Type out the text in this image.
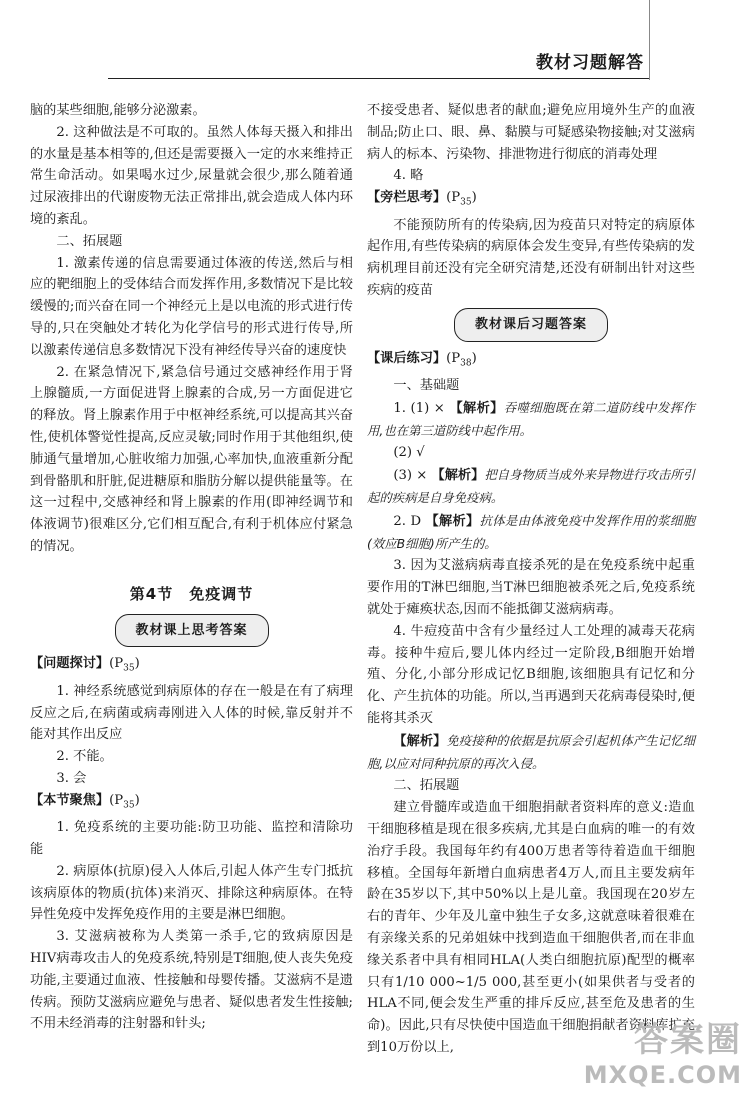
教材习题解答

脑的某些细胞,能够分泌激素。

2. 这种做法是不可取的。虽然人体每天摄入和排出的水量是基本相等的,但还是需要摄入一定的水来维持正常生命活动。如果喝水过少,尿量就会很少,那么随着通过尿液排出的代谢废物无法正常排出,就会造成人体内环境的紊乱。

二、拓展题

1. 激素传递的信息需要通过体液的传送,然后与相应的靶细胞上的受体结合而发挥作用,多数情况下是比较缓慢的;而兴奋在同一个神经元上是以电流的形式进行传导的,只在突触处才转化为化学信号的形式进行传导,所以激素传递信息多数情况下没有神经传导兴奋的速度快

2. 在紧急情况下,紧急信号通过交感神经作用于肾上腺髓质,一方面促进肾上腺素的合成,另一方面促进它的释放。肾上腺素作用于中枢神经系统,可以提高其兴奋性,使机体警觉性提高,反应灵敏;同时作用于其他组织,使肺通气量增加,心脏收缩力加强,心率加快,血液重新分配到骨骼肌和肝脏,促进糖原和脂肪分解以提供能量等。在这一过程中,交感神经和肾上腺素的作用(即神经调节和体液调节)很难区分,它们相互配合,有利于机体应付紧急的情况。

第4节　免疫调节
教材课上思考答案

【问题探讨】$(P_{35})$

1. 神经系统感觉到病原体的存在一般是在有了病理反应之后,在病菌或病毒刚进入人体的时候,靠反射并不能对其作出反应

2. 不能。

3. 会

【本节聚焦】$(P_{35})$

1. 免疫系统的主要功能:防卫功能、监控和清除功能

2. 病原体(抗原)侵入人体后,引起人体产生专门抵抗该病原体的物质(抗体)来消灭、排除这种病原体。在特异性免疫中发挥免疫作用的主要是淋巴细胞。

3. 艾滋病被称为人类第一杀手,它的致病原因是HIV病毒攻击人的免疫系统,特别是T细胞,使人丧失免疫功能,主要通过血液、性接触和母婴传播。艾滋病不是遗传病。预防艾滋病应避免与患者、疑似患者发生性接触;不用未经消毒的注射器和针头;

不接受患者、疑似患者的献血;避免应用境外生产的血液制品;防止口、眼、鼻、黏膜与可疑感染物接触;对艾滋病病人的标本、污染物、排泄物进行彻底的消毒处理

4. 略

【旁栏思考】$(P_{35})$

不能预防所有的传染病,因为疫苗只对特定的病原体起作用,有些传染病的病原体会发生变异,有些传染病的发病机理目前还没有完全研究清楚,还没有研制出针对这些疾病的疫苗

教材课后习题答案

【课后练习】$(P_{38})$

一、基础题

1. (1) × 【解析】吞噬细胞既在第二道防线中发挥作用,也在第三道防线中起作用。

(2) √

(3) × 【解析】把自身物质当成外来异物进行攻击所引起的疾病是自身免疫病。

2. D 【解析】抗体是由体液免疫中发挥作用的浆细胞(效应B细胞)所产生的。

3. 因为艾滋病病毒直接杀死的是在免疫系统中起重要作用的T淋巴细胞,当T淋巴细胞被杀死之后,免疫系统就处于瘫痪状态,因而不能抵御艾滋病病毒。

4. 牛痘疫苗中含有少量经过人工处理的减毒天花病毒。接种牛痘后,婴儿体内经过一定阶段,B细胞开始增殖、分化,小部分形成记忆B细胞,该细胞具有记忆和分化、产生抗体的功能。所以,当再遇到天花病毒侵染时,便能将其杀灭

【解析】免疫接种的依据是抗原会引起机体产生记忆细胞,以应对同种抗原的再次入侵。

二、拓展题

建立骨髓库或造血干细胞捐献者资料库的意义:造血干细胞移植是现在很多疾病,尤其是白血病的唯一的有效治疗手段。我国每年约有400万患者等待着造血干细胞移植。全国每年新增白血病患者4万人,而且主要发病年龄在35岁以下,其中50%以上是儿童。我国现在20岁左右的青年、少年及儿童中独生子女多,这就意味着很难在有亲缘关系的兄弟姐妹中找到造血干细胞供者,而在非血缘关系者中具有相同HLA(人类白细胞抗原)配型的概率只有1/10 000~1/5 000,甚至更小(如果供者与受者的HLA不同,便会发生严重的排斥反应,甚至危及患者的生命)。因此,只有尽快使中国造血干细胞捐献者资料库扩充到10万份以上,	答案圈
MXQE.COM
